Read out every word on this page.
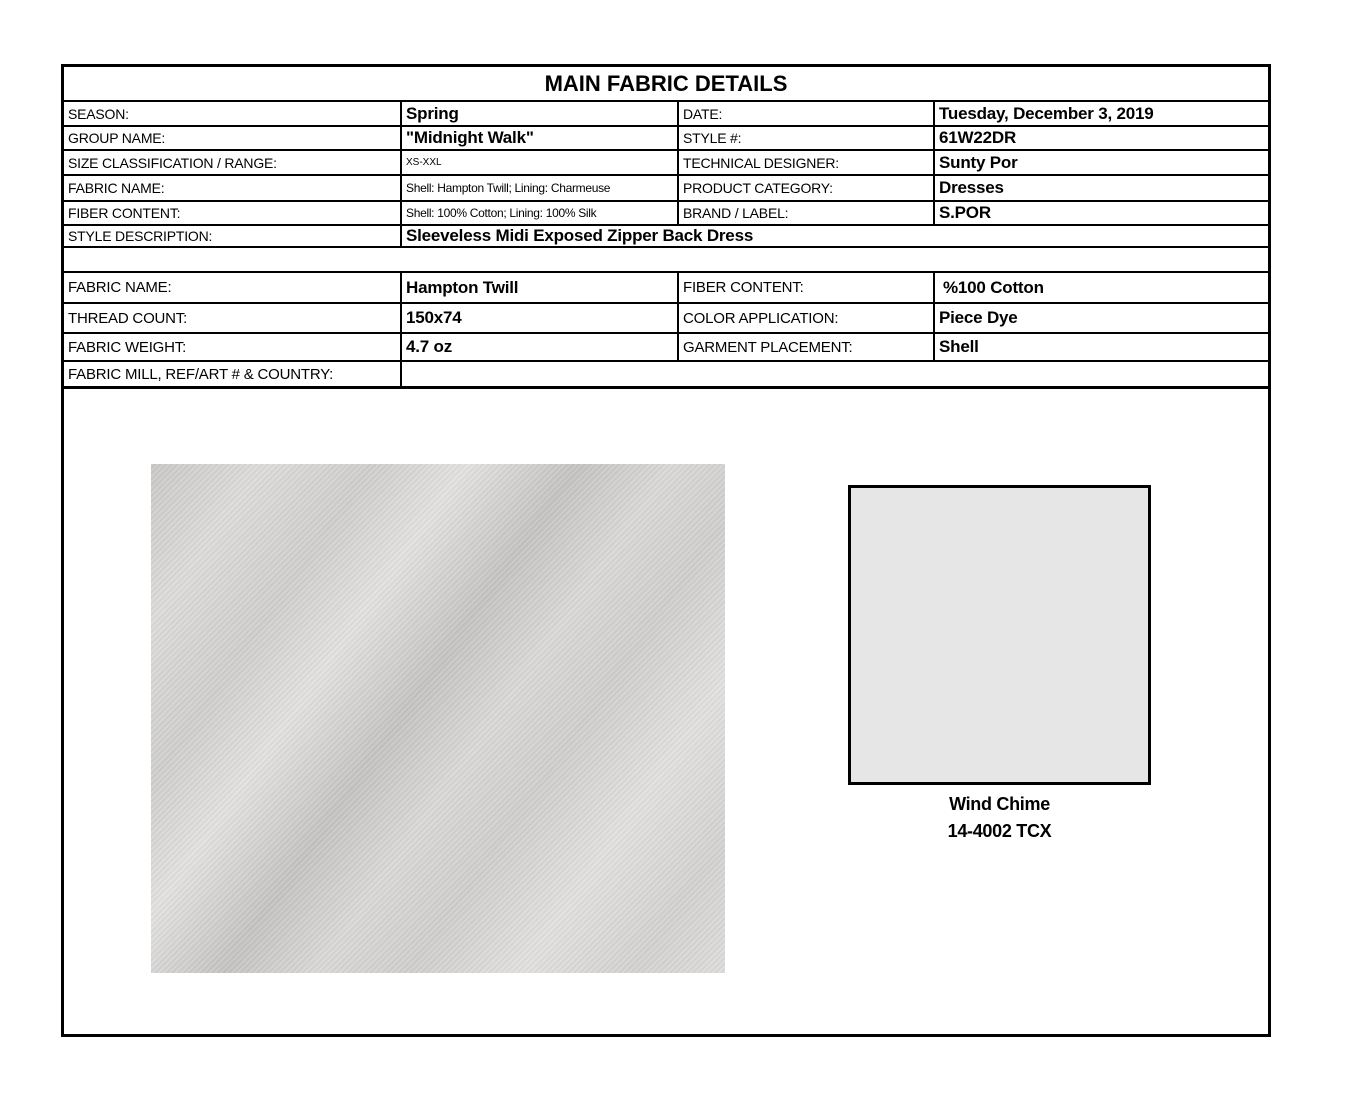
MAIN FABRIC DETAILS
SEASON:	Spring	DATE:	Tuesday, December 3, 2019
GROUP NAME:	"Midnight Walk"	STYLE #:	61W22DR
SIZE CLASSIFICATION / RANGE:	XS-XXL	TECHNICAL DESIGNER:	Sunty Por
FABRIC NAME:	Shell: Hampton Twill; Lining: Charmeuse	PRODUCT CATEGORY:	Dresses
FIBER CONTENT:	Shell: 100% Cotton; Lining: 100% Silk	BRAND / LABEL:	S.POR
STYLE DESCRIPTION:	Sleeveless Midi Exposed Zipper Back Dress
FABRIC NAME:	Hampton Twill	FIBER CONTENT:	%100 Cotton
THREAD COUNT:	150x74	COLOR APPLICATION:	Piece Dye
FABRIC WEIGHT:	4.7 oz	GARMENT PLACEMENT:	Shell
FABRIC MILL, REF/ART # & COUNTRY:
Wind Chime
14-4002 TCX
